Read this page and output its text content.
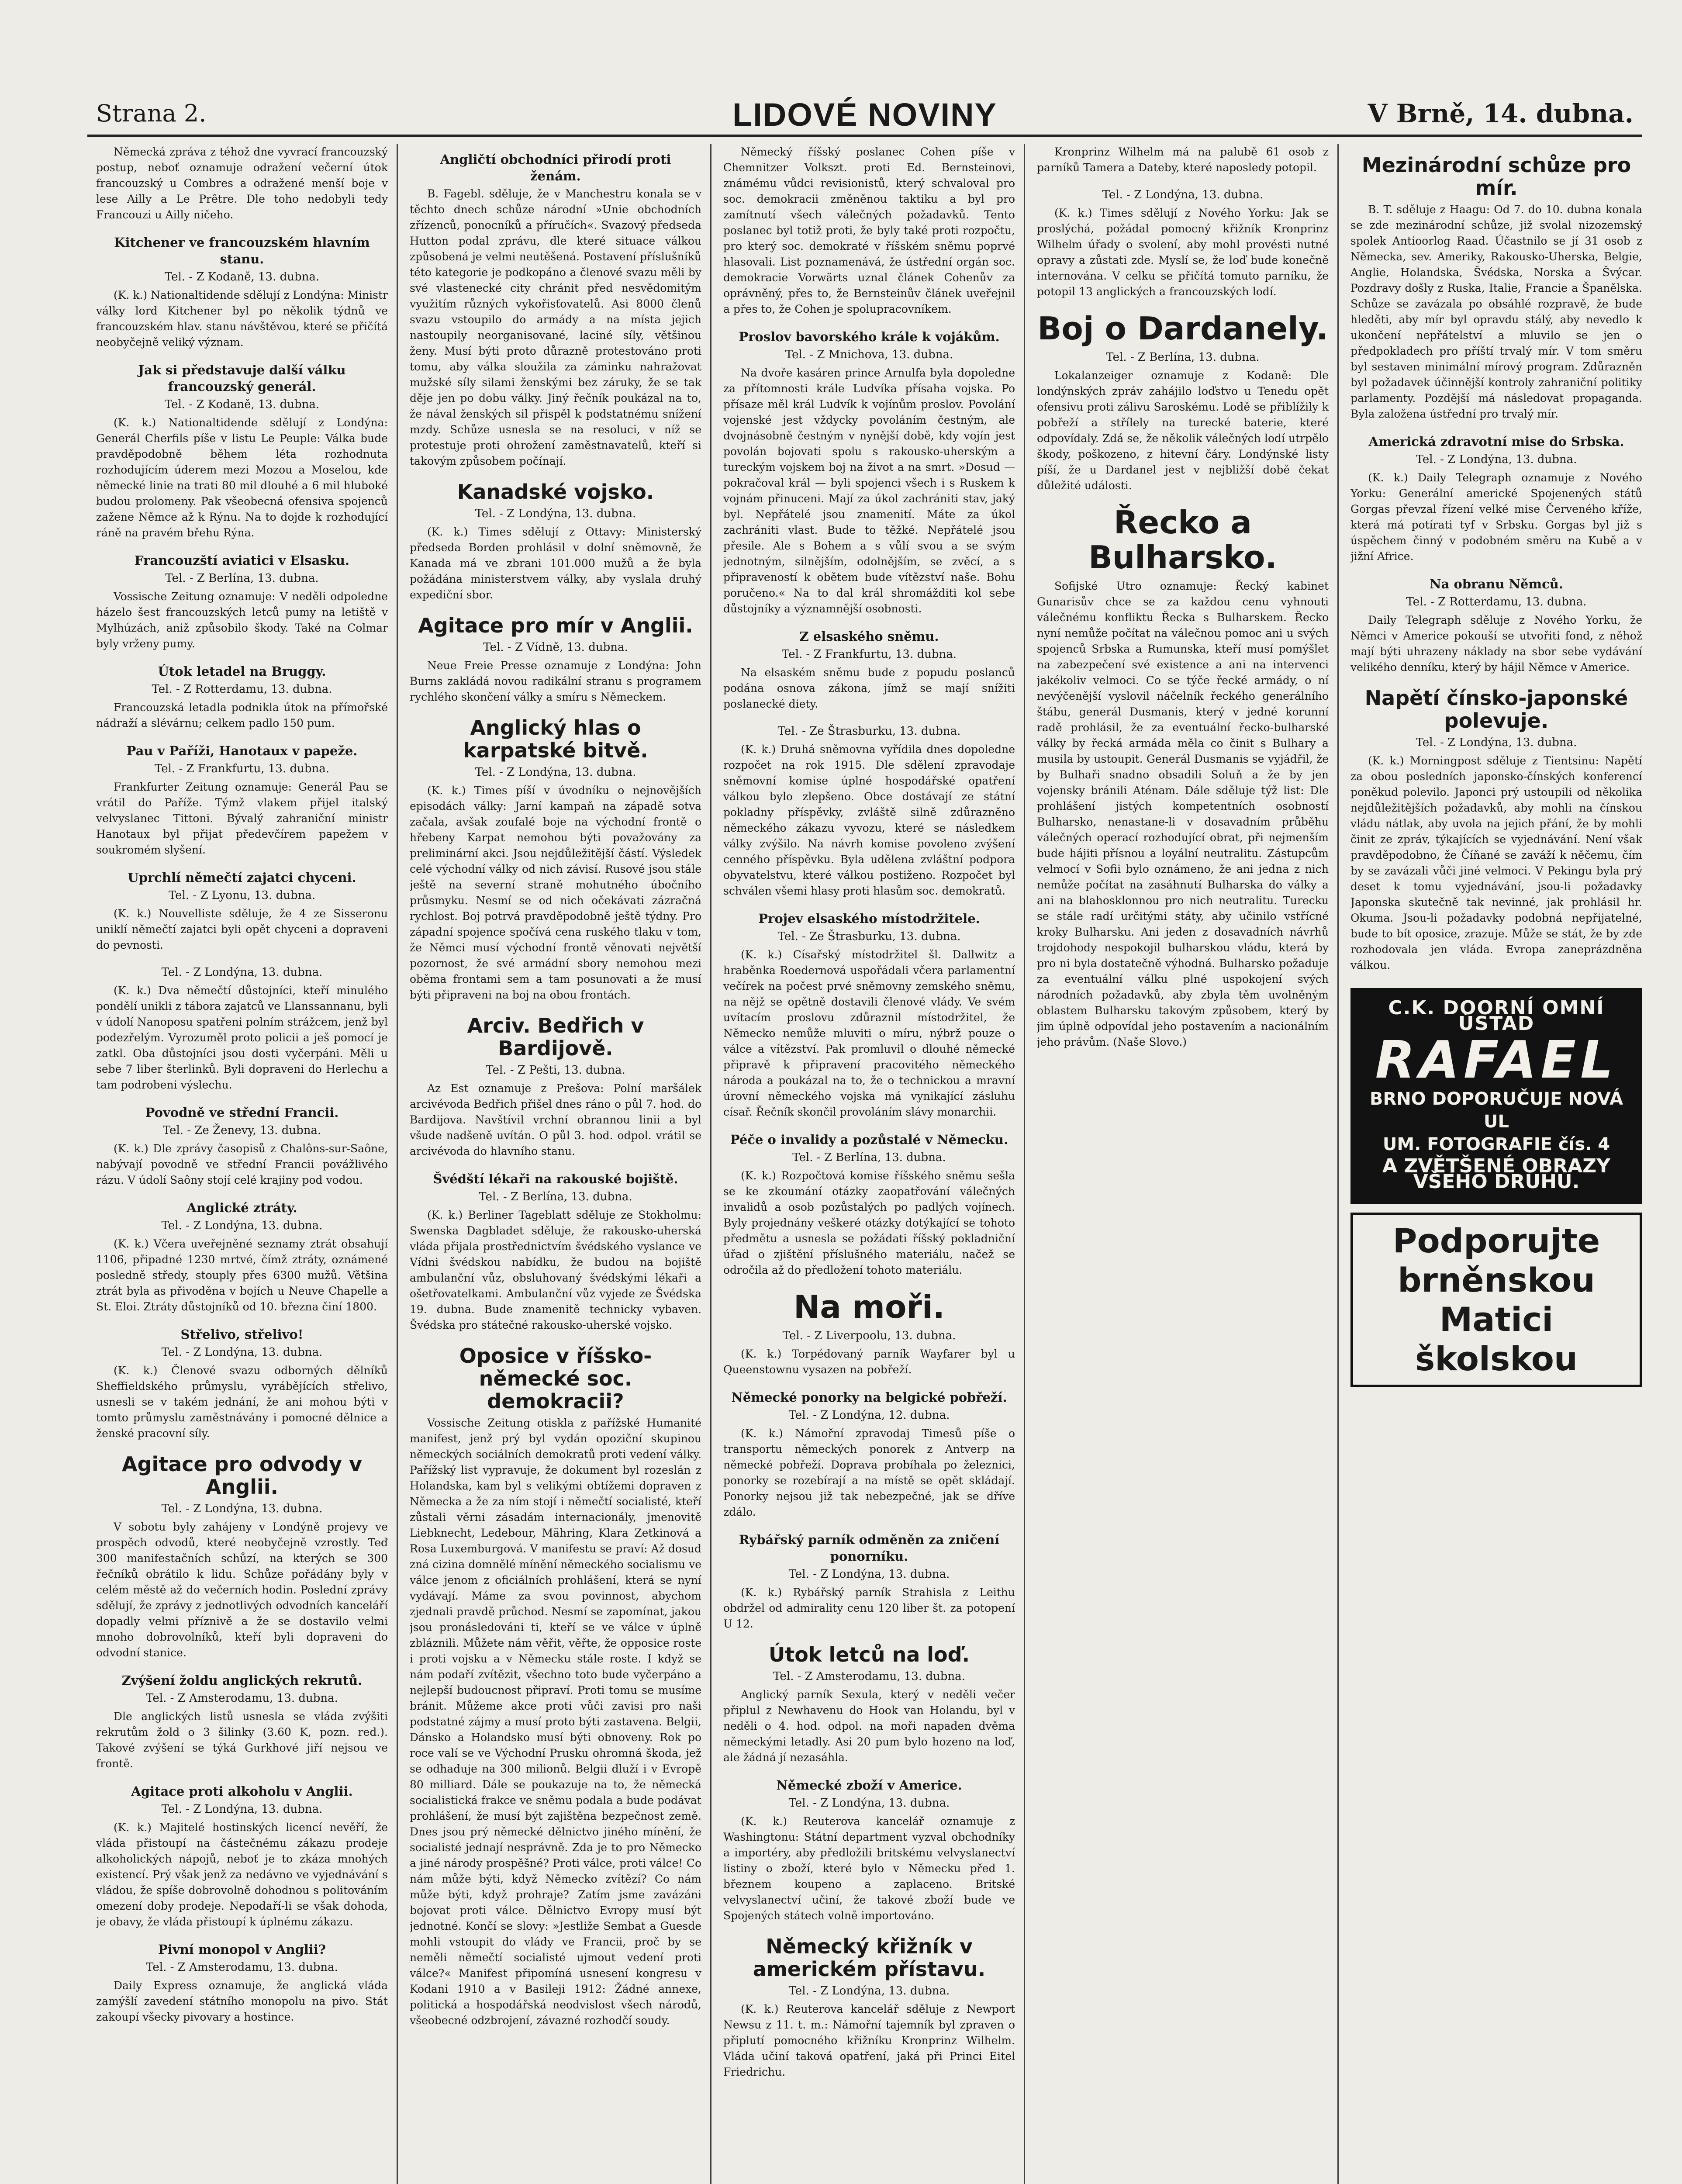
Strana 2.	LIDOVÉ NOVINY	V Brně, 14. dubna.

Německá zpráva z téhož dne vyvrací francouzský postup, neboť oznamuje odražení večerní útok francouzský u Combres a odražené menší boje v lese Ailly a Le Prêtre. Dle toho nedobyli tedy Francouzi u Ailly ničeho.

Kitchener ve francouzském hlavním stanu.
Tel. - Z Kodaně, 13. dubna.

(K. k.) Nationaltidende sdělují z Londýna: Ministr války lord Kitchener byl po několik týdnů ve francouzském hlav. stanu návštěvou, které se přičítá neobyčejně veliký význam.

Jak si představuje další válku francouzský generál.
Tel. - Z Kodaně, 13. dubna.

(K. k.) Nationaltidende sdělují z Londýna: Generál Cherfils píše v listu Le Peuple: Válka bude pravděpodobně během léta rozhodnuta rozhodujícím úderem mezi Mozou a Moselou, kde německé linie na trati 80 mil dlouhé a 6 mil hluboké budou prolomeny. Pak všeobecná ofensiva spojenců zažene Němce až k Rýnu. Na to dojde k rozhodující ráně na pravém břehu Rýna.

Francouzští aviatici v Elsasku.
Tel. - Z Berlína, 13. dubna.

Vossische Zeitung oznamuje: V neděli odpoledne házelo šest francouzských letců pumy na letiště v Mylhúzách, aniž způsobilo škody. Také na Colmar byly vrženy pumy.

Útok letadel na Bruggy.
Tel. - Z Rotterdamu, 13. dubna.

Francouzská letadla podnikla útok na přímořské nádraží a slévárnu; celkem padlo 150 pum.

Pau v Paříži, Hanotaux v papeže.
Tel. - Z Frankfurtu, 13. dubna.

Frankfurter Zeitung oznamuje: Generál Pau se vrátil do Paříže. Týmž vlakem přijel italský velvyslanec Tittoni. Bývalý zahraniční ministr Hanotaux byl přijat předevčírem papežem v soukromém slyšení.

Uprchlí němečtí zajatci chyceni.
Tel. - Z Lyonu, 13. dubna.

(K. k.) Nouvelliste sděluje, že 4 ze Sisseronu uniklí němečtí zajatci byli opět chyceni a dopraveni do pevnosti.

Tel. - Z Londýna, 13. dubna.

(K. k.) Dva němečtí důstojníci, kteří minulého pondělí unikli z tábora zajatců ve Llanssannanu, byli v údolí Nanoposu spatřeni polním strážcem, jenž byl podezřelým. Vyrozuměl proto policii a ješ pomocí je zatkl. Oba důstojníci jsou dosti vyčerpáni. Měli u sebe 7 liber šterlinků. Byli dopraveni do Herlechu a tam podrobeni výslechu.

Povodně ve střední Francii.
Tel. - Ze Ženevy, 13. dubna.

(K. k.) Dle zprávy časopisů z Chalôns-sur-Saône, nabývají povodně ve střední Francii povážlivého rázu. V údolí Saôny stojí celé krajiny pod vodou.

Anglické ztráty.
Tel. - Z Londýna, 13. dubna.

(K. k.) Včera uveřejněné seznamy ztrát obsahují 1106, připadné 1230 mrtvé, čímž ztráty, oznámené posledně středy, stouply přes 6300 mužů. Většina ztrát byla as přivoděna v bojích u Neuve Chapelle a St. Eloi. Ztráty důstojníků od 10. března činí 1800.

Střelivo, střelivo!
Tel. - Z Londýna, 13. dubna.

(K. k.) Členové svazu odborných dělníků Sheffieldského průmyslu, vyrábějících střelivo, usnesli se v takém jednání, že ani mohou býti v tomto průmyslu zaměstnávány i pomocné dělnice a ženské pracovní síly.

Agitace pro odvody v Anglii.
Tel. - Z Londýna, 13. dubna.

V sobotu byly zahájeny v Londýně projevy ve prospěch odvodů, které neobyčejně vzrostly. Teď 300 manifestačních schůzí, na kterých se 300 řečníků obrátilo k lidu. Schůze pořádány byly v celém městě až do večerních hodin. Poslední zprávy sdělují, že zprávy z jednotlivých odvodních kanceláří dopadly velmi příznivě a že se dostavilo velmi mnoho dobrovolníků, kteří byli dopraveni do odvodní stanice.

Zvýšení žoldu anglických rekrutů.
Tel. - Z Amsterodamu, 13. dubna.

Dle anglických listů usnesla se vláda zvýšiti rekrutům žold o 3 šilinky (3.60 K, pozn. red.). Takové zvýšení se týká Gurkhové jiří nejsou ve frontě.

Agitace proti alkoholu v Anglii.
Tel. - Z Londýna, 13. dubna.

(K. k.) Majitelé hostinských licencí nevěří, že vláda přistoupí na částečnému zákazu prodeje alkoholických nápojů, neboť je to zkáza mnohých existencí. Prý však jenž za nedávno ve vyjednávání s vládou, že spíše dobrovolně dohodnou s politováním omezení doby prodeje. Nepodaří-li se však dohoda, je obavy, že vláda přistoupí k úplnému zákazu.

Pivní monopol v Anglii?
Tel. - Z Amsterodamu, 13. dubna.

Daily Express oznamuje, že anglická vláda zamýšlí zavedení státního monopolu na pivo. Stát zakoupí všecky pivovary a hostince.

Angličtí obchodníci přirodí proti ženám.

B. Fagebl. sděluje, že v Manchestru konala se v těchto dnech schůze národní »Unie obchodních zřízenců, ponocníků a příručích«. Svazový předseda Hutton podal zprávu, dle které situace válkou způsobená je velmi neutěšená. Postavení příslušníků této kategorie je podkopáno a členové svazu měli by své vlastenecké city chránit před nesvědomitým využitím různých vykořisťovatelů. Asi 8000 členů svazu vstoupilo do armády a na místa jejich nastoupily neorganisované, laciné síly, většinou ženy. Musí býti proto důrazně protestováno proti tomu, aby válka sloužila za záminku nahražovat mužské síly silami ženskými bez záruky, že se tak děje jen po dobu války. Jiný řečník poukázal na to, že nával ženských sil přispěl k podstatnému snížení mzdy. Schůze usnesla se na resoluci, v níž se protestuje proti ohrožení zaměstnavatelů, kteří si takovým způsobem počínají.

Kanadské vojsko.
Tel. - Z Londýna, 13. dubna.

(K. k.) Times sdělují z Ottavy: Ministerský předseda Borden prohlásil v dolní sněmovně, že Kanada má ve zbrani 101.000 mužů a že byla požádána ministerstvem války, aby vyslala druhý expediční sbor.

Agitace pro mír v Anglii.
Tel. - Z Vídně, 13. dubna.

Neue Freie Presse oznamuje z Londýna: John Burns zakládá novou radikální stranu s programem rychlého skončení války a smíru s Německem.

Anglický hlas o karpatské bitvě.
Tel. - Z Londýna, 13. dubna.

(K. k.) Times píší v úvodníku o nejnovějších episodách války: Jarní kampaň na západě sotva začala, avšak zoufalé boje na východní frontě o hřebeny Karpat nemohou býti považovány za preliminární akci. Jsou nejdůležitější částí. Výsledek celé východní války od nich závisí. Rusové jsou stále ještě na severní straně mohutného úbočního průsmyku. Nesmí se od nich očekávati zázračná rychlost. Boj potrvá pravděpodobně ještě týdny. Pro západní spojence spočívá cena ruského tlaku v tom, že Němci musí východní frontě věnovati největší pozornost, že své armádní sbory nemohou mezi oběma frontami sem a tam posunovati a že musí býti připraveni na boj na obou frontách.

Arciv. Bedřich v Bardijově.
Tel. - Z Pešti, 13. dubna.

Az Est oznamuje z Prešova: Polní maršálek arcivévoda Bedřich přišel dnes ráno o půl 7. hod. do Bardijova. Navštívil vrchní obrannou linii a byl všude nadšeně uvítán. O půl 3. hod. odpol. vrátil se arcivévoda do hlavního stanu.

Švédští lékaři na rakouské bojiště.
Tel. - Z Berlína, 13. dubna.

(K. k.) Berliner Tageblatt sděluje ze Stokholmu: Swenska Dagbladet sděluje, že rakousko-uherská vláda přijala prostřednictvím švédského vyslance ve Vídni švédskou nabídku, že budou na bojiště ambulanční vůz, obsluhovaný švédskými lékaři a ošetřovatelkami. Ambulanční vůz vyjede ze Švédska 19. dubna. Bude znamenitě technicky vybaven. Švédska pro státečné rakousko-uherské vojsko.

Oposice v říšsko-německé soc. demokracii?

Vossische Zeitung otiskla z pařížské Humanité manifest, jenž prý byl vydán opoziční skupinou německých sociálních demokratů proti vedení války. Pařížský list vypravuje, že dokument byl rozeslán z Holandska, kam byl s velikými obtížemi dopraven z Německa a že za ním stojí i němečtí socialisté, kteří zůstali věrni zásadám internacionály, jmenovitě Liebknecht, Ledebour, Mähring, Klara Zetkinová a Rosa Luxemburgová. V manifestu se praví: Až dosud zná cizina domnělé mínění německého socialismu ve válce jenom z oficiálních prohlášení, která se nyní vydávají. Máme za svou povinnost, abychom zjednali pravdě průchod. Nesmí se zapomínat, jakou jsou pronásledováni ti, kteří se ve válce v úplně zbláznili. Můžete nám věřit, věřte, že opposice roste i proti vojsku a v Německu stále roste. I když se nám podaří zvítězit, všechno toto bude vyčerpáno a nejlepší budoucnost připraví. Proti tomu se musíme bránit. Můžeme akce proti vůči zavisi pro naši podstatné zájmy a musí proto býti zastavena. Belgii, Dánsko a Holandsko musí býti obnoveny. Rok po roce valí se ve Východní Prusku ohromná škoda, jež se odhaduje na 300 milionů. Belgii dluží i v Evropě 80 milliard. Dále se poukazuje na to, že německá socialistická frakce ve sněmu podala a bude podávat prohlášení, že musí být zajištěna bezpečnost země. Dnes jsou prý německé dělnictvo jiného mínění, že socialisté jednají nesprávně. Zda je to pro Německo a jiné národy prospěšné? Proti válce, proti válce! Co nám může býti, když Německo zvítězí? Co nám může býti, když prohraje? Zatím jsme zavázáni bojovat proti válce. Dělnictvo Evropy musí být jednotné. Končí se slovy: »Jestliže Sembat a Guesde mohli vstoupit do vlády ve Francii, proč by se neměli němečtí socialisté ujmout vedení proti válce?« Manifest připomíná usnesení kongresu v Kodani 1910 a v Basileji 1912: Žádné annexe, politická a hospodářská neodvislost všech národů, všeobecné odzbrojení, závazné rozhodčí soudy.

Německý říšský poslanec Cohen píše v Chemnitzer Volkszt. proti Ed. Bernsteinovi, známému vůdci revisionistů, který schvaloval pro soc. demokracii změněnou taktiku a byl pro zamítnutí všech válečných požadavků. Tento poslanec byl totiž proti, že byly také proti rozpočtu, pro který soc. demokraté v říšském sněmu poprvé hlasovali. List poznamenává, že ústřední orgán soc. demokracie Vorwärts uznal článek Cohenův za oprávněný, přes to, že Bernsteinův článek uveřejnil a přes to, že Cohen je spolupracovníkem.

Proslov bavorského krále k vojákům.
Tel. - Z Mnichova, 13. dubna.

Na dvoře kasáren prince Arnulfa byla dopoledne za přítomnosti krále Ludvíka přísaha vojska. Po přísaze měl král Ludvík k vojínům proslov. Povolání vojenské jest vždycky povoláním čestným, ale dvojnásobně čestným v nynější době, kdy vojín jest povolán bojovati spolu s rakousko-uherským a tureckým vojskem boj na život a na smrt. »Dosud — pokračoval král — byli spojenci všech i s Ruskem k vojnám přinuceni. Mají za úkol zachrániti stav, jaký byl. Nepřátelé jsou znamenití. Máte za úkol zachrániti vlast. Bude to těžké. Nepřátelé jsou přesile. Ale s Bohem a s vůlí svou a se svým jednotným, silnějším, odolnějším, se zvěcí, a s připraveností k obětem bude vítězství naše. Bohu poručeno.« Na to dal král shromážditi kol sebe důstojníky a významnější osobnosti.

Z elsaského sněmu.
Tel. - Z Frankfurtu, 13. dubna.

Na elsaském sněmu bude z popudu poslanců podána osnova zákona, jímž se mají snížiti poslanecké diety.

Tel. - Ze Štrasburku, 13. dubna.

(K. k.) Druhá sněmovna vyřídila dnes dopoledne rozpočet na rok 1915. Dle sdělení zpravodaje sněmovní komise úplné hospodářské opatření válkou bylo zlepšeno. Obce dostávají ze státní pokladny příspěvky, zvláště silně zdůrazněno německého zákazu vyvozu, které se následkem války zvýšilo. Na návrh komise povoleno zvýšení cenného příspěvku. Byla udělena zvláštní podpora obyvatelstvu, které válkou postiženo. Rozpočet byl schválen všemi hlasy proti hlasům soc. demokratů.

Projev elsaského místodržitele.
Tel. - Ze Štrasburku, 13. dubna.

(K. k.) Císařský místodržitel šl. Dallwitz a hraběnka Roedernová uspořádali včera parlamentní večírek na počest prvé sněmovny zemského sněmu, na nějž se opětně dostavili členové vlády. Ve svém uvítacím proslovu zdůraznil místodržitel, že Německo nemůže mluviti o míru, nýbrž pouze o válce a vítězství. Pak promluvil o dlouhé německé připravě k připravení pracovitého německého národa a poukázal na to, že o technickou a mravní úrovní německého vojska má vynikající zásluhu císař. Řečník skončil provoláním slávy monarchii.

Péče o invalidy a pozůstalé v Německu.
Tel. - Z Berlína, 13. dubna.

(K. k.) Rozpočtová komise říšského sněmu sešla se ke zkoumání otázky zaopatřování válečných invalidů a osob pozůstalých po padlých vojínech. Byly projednány veškeré otázky dotýkající se tohoto předmětu a usnesla se požádati říšský pokladniční úřad o zjištění příslušného materiálu, načež se odročila až do předložení tohoto materiálu.

Na moři.
Tel. - Z Liverpoolu, 13. dubna.

(K. k.) Torpédovaný parník Wayfarer byl u Queenstownu vysazen na pobřeží.

Německé ponorky na belgické pobřeží.
Tel. - Z Londýna, 12. dubna.

(K. k.) Námořní zpravodaj Timesů píše o transportu německých ponorek z Antverp na německé pobřeží. Doprava probíhala po železnici, ponorky se rozebírají a na místě se opět skládají. Ponorky nejsou již tak nebezpečné, jak se dříve zdálo.

Rybářský parník odměněn za zničení ponorníku.
Tel. - Z Londýna, 13. dubna.

(K. k.) Rybářský parník Strahisla z Leithu obdržel od admirality cenu 120 liber št. za potopení U 12.

Útok letců na loď.
Tel. - Z Amsterodamu, 13. dubna.

Anglický parník Sexula, který v neděli večer připlul z Newhavenu do Hook van Holandu, byl v neděli o 4. hod. odpol. na moři napaden dvěma německými letadly. Asi 20 pum bylo hozeno na loď, ale žádná jí nezasáhla.

Německé zboží v Americe.
Tel. - Z Londýna, 13. dubna.

(K. k.) Reuterova kancelář oznamuje z Washingtonu: Státní department vyzval obchodníky a importéry, aby předložili britskému velvyslanectví listiny o zboží, které bylo v Německu před 1. březnem koupeno a zaplaceno. Britské velvyslanectví učiní, že takové zboží bude ve Spojených státech volně importováno.

Německý křižník v americkém přístavu.
Tel. - Z Londýna, 13. dubna.

(K. k.) Reuterova kancelář sděluje z Newport Newsu z 11. t. m.: Námořní tajemník byl zpraven o připlutí pomocného křižníku Kronprinz Wilhelm. Vláda učiní taková opatření, jaká při Princi Eitel Friedrichu.

Kronprinz Wilhelm má na palubě 61 osob z parníků Tamera a Dateby, které naposledy potopil.

Tel. - Z Londýna, 13. dubna.

(K. k.) Times sdělují z Nového Yorku: Jak se proslýchá, požádal pomocný křižník Kronprinz Wilhelm úřady o svolení, aby mohl provésti nutné opravy a zůstati zde. Myslí se, že loď bude konečně internována. V celku se přičítá tomuto parníku, že potopil 13 anglických a francouzských lodí.

Boj o Dardanely.
Tel. - Z Berlína, 13. dubna.

Lokalanzeiger oznamuje z Kodaně: Dle londýnských zpráv zahájilo loďstvo u Tenedu opět ofensivu proti zálivu Saroskému. Lodě se přiblížily k pobřeží a střílely na turecké baterie, které odpovídaly. Zdá se, že několik válečných lodí utrpělo škody, poškozeno, z hitevní čáry. Londýnské listy píší, že u Dardanel jest v nejbližší době čekat důležité události.

Řecko a Bulharsko.

Sofijské Utro oznamuje: Řecký kabinet Gunarisův chce se za každou cenu vyhnouti válečnému konfliktu Řecka s Bulharskem. Řecko nyní nemůže počítat na válečnou pomoc ani u svých spojenců Srbska a Rumunska, kteří musí pomýšlet na zabezpečení své existence a ani na intervenci jakékoliv velmoci. Co se týče řecké armády, o ní nevýčenější vyslovil náčelník řeckého generálního štábu, generál Dusmanis, který v jedné korunní radě prohlásil, že za eventuální řecko-bulharské války by řecká armáda měla co činit s Bulhary a musila by ustoupit. Generál Dusmanis se vyjádřil, že by Bulhaři snadno obsadili Soluň a že by jen vojensky bránili Aténam. Dále sděluje týž list: Dle prohlášení jistých kompetentních osobností Bulharsko, nenastane-li v dosavadním průběhu válečných operací rozhodující obrat, při nejmenším bude hájiti přísnou a loyální neutralitu. Zástupcům velmocí v Sofii bylo oznámeno, že ani jedna z nich nemůže počítat na zasáhnutí Bulharska do války a ani na blahosklonnou pro nich neutralitu. Turecku se stále radí určitými státy, aby učinilo vstřícné kroky Bulharsku. Ani jeden z dosavadních návrhů trojdohody nespokojil bulharskou vládu, která by pro ni byla dostatečně výhodná. Bulharsko požaduje za eventuální válku plné uspokojení svých národních požadavků, aby zbyla těm uvolněným oblastem Bulharsku takovým způsobem, který by jim úplně odpovídal jeho postavením a nacionálním jeho právům. (Naše Slovo.)

Mezinárodní schůze pro mír.

B. T. sděluje z Haagu: Od 7. do 10. dubna konala se zde mezinárodní schůze, již svolal nizozemský spolek Antioorlog Raad. Účastnilo se jí 31 osob z Německa, sev. Ameriky, Rakousko-Uherska, Belgie, Anglie, Holandska, Švédska, Norska a Švýcar. Pozdravy došly z Ruska, Italie, Francie a Španělska. Schůze se zavázala po obsáhlé rozpravě, že bude hleděti, aby mír byl opravdu stálý, aby nevedlo k ukončení nepřátelství a mluvilo se jen o předpokladech pro příští trvalý mír. V tom směru byl sestaven minimální mírový program. Zdůrazněn byl požadavek účinnější kontroly zahraniční politiky parlamenty. Pozdější má následovat propaganda. Byla založena ústřední pro trvalý mír.

Americká zdravotní mise do Srbska.
Tel. - Z Londýna, 13. dubna.

(K. k.) Daily Telegraph oznamuje z Nového Yorku: Generální americké Spojenených států Gorgas převzal řízení velké mise Červeného kříže, která má potírati tyf v Srbsku. Gorgas byl již s úspěchem činný v podobném směru na Kubě a v jižní Africe.

Na obranu Němců.
Tel. - Z Rotterdamu, 13. dubna.

Daily Telegraph sděluje z Nového Yorku, že Němci v Americe pokouší se utvořiti fond, z něhož mají býti uhrazeny náklady na sbor sebe vydávání velikého denníku, který by hájil Němce v Americe.

Napětí čínsko-japonské polevuje.
Tel. - Z Londýna, 13. dubna.

(K. k.) Morningpost sděluje z Tientsinu: Napětí za obou posledních japonsko-čínských konferencí poněkud polevilo. Japonci prý ustoupili od několika nejdůležitějších požadavků, aby mohli na čínskou vládu nátlak, aby uvola na jejich přání, že by mohli činit ze zpráv, týkajících se vyjednávání. Není však pravděpodobno, že Číňané se zaváží k něčemu, čím by se zavázali vůči jiné velmoci. V Pekingu byla prý deset k tomu vyjednávání, jsou-li požadavky Japonska skutečně tak nevinné, jak prohlásil hr. Okuma. Jsou-li požadavky podobná nepřijatelné, bude to bít oposice, zrazuje. Může se stát, že by zde rozhodovala jen vláda. Evropa zaneprázdněna válkou.

C.K. DOORNÍ OMNÍ ÚSTAD
RAFAEL
BRNO DOPORUČUJE NOVÁ UL
UM. FOTOGRAFIE čís. 4
A ZVĚTŠENÉ OBRAZY VŠEHO DRUHU.
Podporujte brněnskou Matici školskou
